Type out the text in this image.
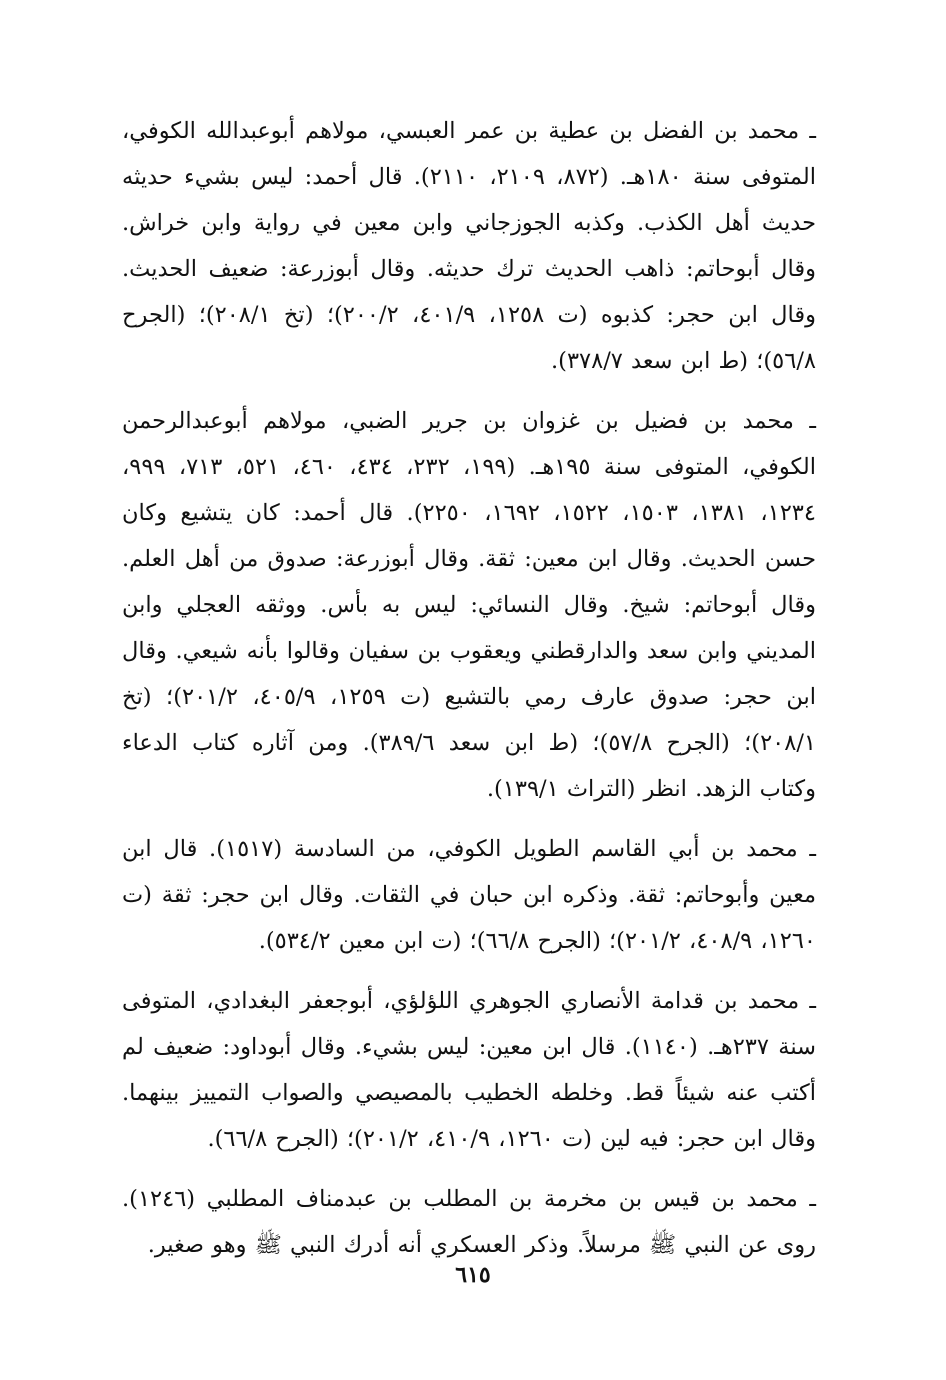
ـ محمد بن الفضل بن عطية بن عمر العبسي، مولاهم أبوعبدالله الكوفي، المتوفى سنة ١٨٠هـ. (٨٧٢، ٢١٠٩، ٢١١٠). قال أحمد: ليس بشيء حديثه حديث أهل الكذب. وكذبه الجوزجاني وابن معين في رواية وابن خراش. وقال أبوحاتم: ذاهب الحديث ترك حديثه. وقال أبوزرعة: ضعيف الحديث. وقال ابن حجر: كذبوه (ت ١٢٥٨، ٤٠١/٩، ٢٠٠/٢)؛ (تخ ٢٠٨/١)؛ (الجرح ٥٦/٨)؛ (ط ابن سعد ٣٧٨/٧).

ـ محمد بن فضيل بن غزوان بن جرير الضبي، مولاهم أبوعبدالرحمن الكوفي، المتوفى سنة ١٩٥هـ. (١٩٩، ٢٣٢، ٤٣٤، ٤٦٠، ٥٢١، ٧١٣، ٩٩٩، ١٢٣٤، ١٣٨١، ١٥٠٣، ١٥٢٢، ١٦٩٢، ٢٢٥٠). قال أحمد: كان يتشيع وكان حسن الحديث. وقال ابن معين: ثقة. وقال أبوزرعة: صدوق من أهل العلم. وقال أبوحاتم: شيخ. وقال النسائي: ليس به بأس. ووثقه العجلي وابن المديني وابن سعد والدارقطني ويعقوب بن سفيان وقالوا بأنه شيعي. وقال ابن حجر: صدوق عارف رمي بالتشيع (ت ١٢٥٩، ٤٠٥/٩، ٢٠١/٢)؛ (تخ ٢٠٨/١)؛ (الجرح ٥٧/٨)؛ (ط ابن سعد ٣٨٩/٦). ومن آثاره كتاب الدعاء وكتاب الزهد. انظر (التراث ١٣٩/١).

ـ محمد بن أبي القاسم الطويل الكوفي، من السادسة (١٥١٧). قال ابن معين وأبوحاتم: ثقة. وذكره ابن حبان في الثقات. وقال ابن حجر: ثقة (ت ١٢٦٠، ٤٠٨/٩، ٢٠١/٢)؛ (الجرح ٦٦/٨)؛ (ت ابن معين ٥٣٤/٢).

ـ محمد بن قدامة الأنصاري الجوهري اللؤلؤي، أبوجعفر البغدادي، المتوفى سنة ٢٣٧هـ. (١١٤٠). قال ابن معين: ليس بشيء. وقال أبوداود: ضعيف لم أكتب عنه شيئاً قط. وخلطه الخطيب بالمصيصي والصواب التمييز بينهما. وقال ابن حجر: فيه لين (ت ١٢٦٠، ٤١٠/٩، ٢٠١/٢)؛ (الجرح ٦٦/٨).

ـ محمد بن قيس بن مخرمة بن المطلب بن عبدمناف المطلبي (١٢٤٦). روى عن النبي ﷺ مرسلاً. وذكر العسكري أنه أدرك النبي ﷺ وهو صغير.

٦١٥
